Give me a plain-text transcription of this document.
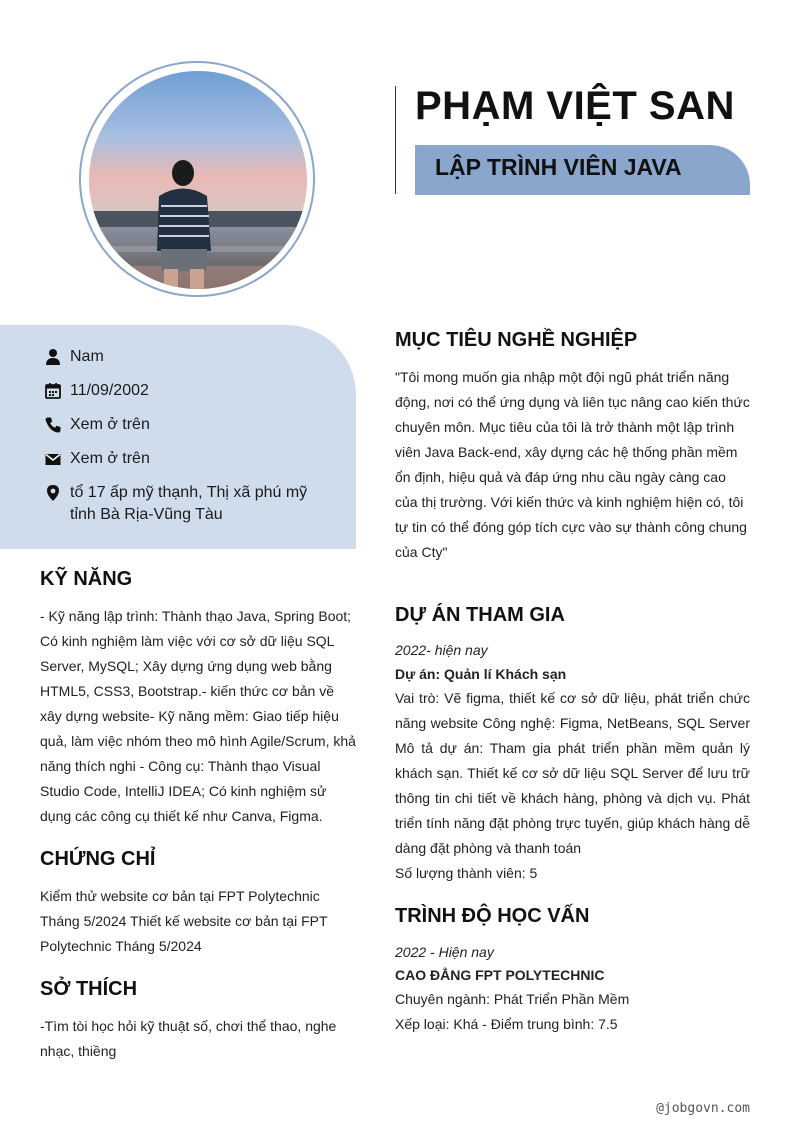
PHẠM VIỆT SAN
LẬP TRÌNH VIÊN JAVA
Nam
11/09/2002
Xem ở trên
Xem ở trên
tổ 17 ấp mỹ thạnh, Thị xã phú mỹ tỉnh Bà Rịa-Vũng Tàu
KỸ NĂNG
- Kỹ năng lập trình: Thành thạo Java, Spring Boot; Có kinh nghiệm làm việc với cơ sở dữ liệu SQL Server, MySQL; Xây dựng ứng dụng web bằng HTML5, CSS3, Bootstrap.- kiến thức cơ bản về xây dựng website- Kỹ năng mềm: Giao tiếp hiệu quả, làm việc nhóm theo mô hình Agile/Scrum, khả năng thích nghi - Công cụ: Thành thạo Visual Studio Code, IntelliJ IDEA; Có kinh nghiệm sử dụng các công cụ thiết kế như Canva, Figma.
CHỨNG CHỈ
Kiểm thử website cơ bản tại FPT Polytechnic Tháng 5/2024 Thiết kế website cơ bản tại FPT Polytechnic Tháng 5/2024
SỞ THÍCH
-Tìm tòi học hỏi kỹ thuật số, chơi thể thao, nghe nhạc, thiềng
MỤC TIÊU NGHỀ NGHIỆP
"Tôi mong muốn gia nhập một đội ngũ phát triển năng động, nơi có thể ứng dụng và liên tục nâng cao kiến thức chuyên môn. Mục tiêu của tôi là trở thành một lập trình viên Java Back-end, xây dựng các hệ thống phần mềm ổn định, hiệu quả và đáp ứng nhu cầu ngày càng cao của thị trường. Với kiến thức và kinh nghiệm hiện có, tôi tự tin có thể đóng góp tích cực vào sự thành công chung của Cty"
DỰ ÁN THAM GIA
2022- hiện nay
Dự án: Quản lí Khách sạn
Vai trò: Vẽ figma, thiết kế cơ sở dữ liệu, phát triển chức năng website Công nghệ: Figma, NetBeans, SQL Server Mô tả dự án: Tham gia phát triển phần mềm quản lý khách sạn. Thiết kế cơ sở dữ liệu SQL Server để lưu trữ thông tin chi tiết về khách hàng, phòng và dịch vụ. Phát triển tính năng đặt phòng trực tuyến, giúp khách hàng dễ dàng đặt phòng và thanh toán
Số lượng thành viên: 5
TRÌNH ĐỘ HỌC VẤN
2022 - Hiện nay
CAO ĐẲNG FPT POLYTECHNIC
Chuyên ngành: Phát Triển Phần Mềm
Xếp loại: Khá - Điểm trung bình: 7.5
@jobgovn.com
